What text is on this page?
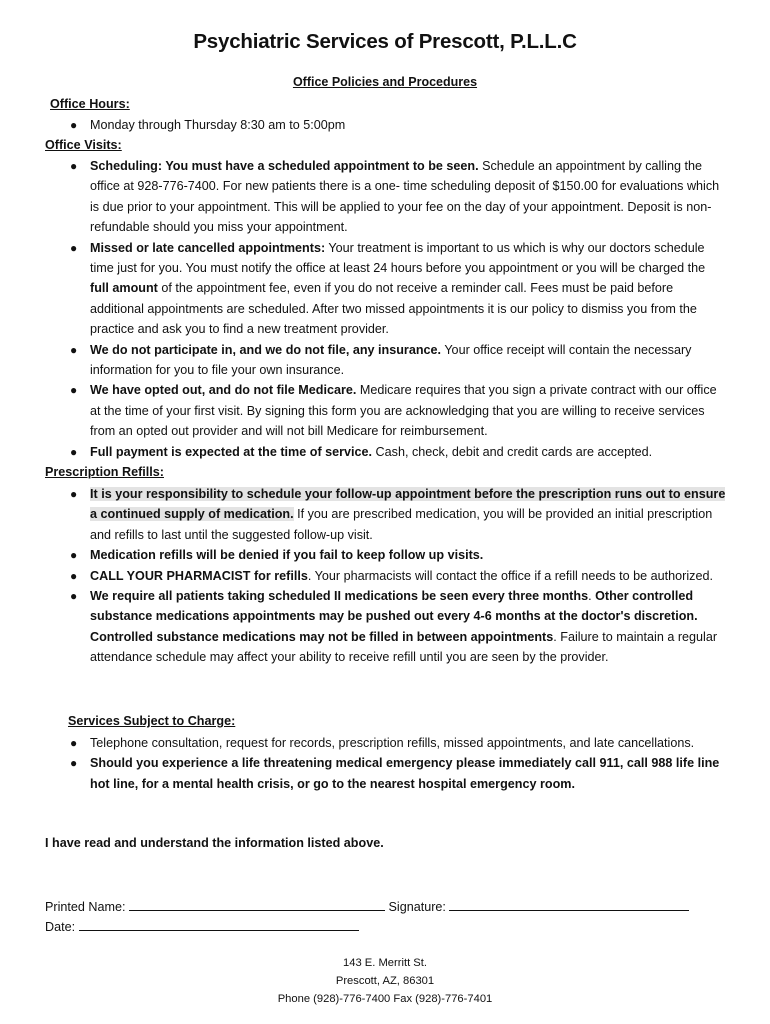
Psychiatric Services of Prescott, P.L.L.C
Office Policies and Procedures
Office Hours:
● Monday through Thursday 8:30 am to 5:00pm
Office Visits:
● Scheduling: You must have a scheduled appointment to be seen. Schedule an appointment by calling the office at 928-776-7400. For new patients there is a one- time scheduling deposit of $150.00 for evaluations which is due prior to your appointment. This will be applied to your fee on the day of your appointment. Deposit is non-refundable should you miss your appointment.
● Missed or late cancelled appointments: Your treatment is important to us which is why our doctors schedule time just for you. You must notify the office at least 24 hours before you appointment or you will be charged the full amount of the appointment fee, even if you do not receive a reminder call. Fees must be paid before additional appointments are scheduled. After two missed appointments it is our policy to dismiss you from the practice and ask you to find a new treatment provider.
● We do not participate in, and we do not file, any insurance. Your office receipt will contain the necessary information for you to file your own insurance.
● We have opted out, and do not file Medicare. Medicare requires that you sign a private contract with our office at the time of your first visit. By signing this form you are acknowledging that you are willing to receive services from an opted out provider and will not bill Medicare for reimbursement.
● Full payment is expected at the time of service. Cash, check, debit and credit cards are accepted.
Prescription Refills:
● It is your responsibility to schedule your follow-up appointment before the prescription runs out to ensure a continued supply of medication. If you are prescribed medication, you will be provided an initial prescription and refills to last until the suggested follow-up visit.
● Medication refills will be denied if you fail to keep follow up visits.
● CALL YOUR PHARMACIST for refills. Your pharmacists will contact the office if a refill needs to be authorized.
● We require all patients taking scheduled II medications be seen every three months. Other controlled substance medications appointments may be pushed out every 4-6 months at the doctor's discretion. Controlled substance medications may not be filled in between appointments. Failure to maintain a regular attendance schedule may affect your ability to receive refill until you are seen by the provider.
Services Subject to Charge:
● Telephone consultation, request for records, prescription refills, missed appointments, and late cancellations.
● Should you experience a life threatening medical emergency please immediately call 911, call 988 life line hot line, for a mental health crisis, or go to the nearest hospital emergency room.
I have read and understand the information listed above.
Printed Name:	Signature:
Date:
143 E. Merritt St.
Prescott, AZ, 86301
Phone (928)-776-7400 Fax (928)-776-7401
